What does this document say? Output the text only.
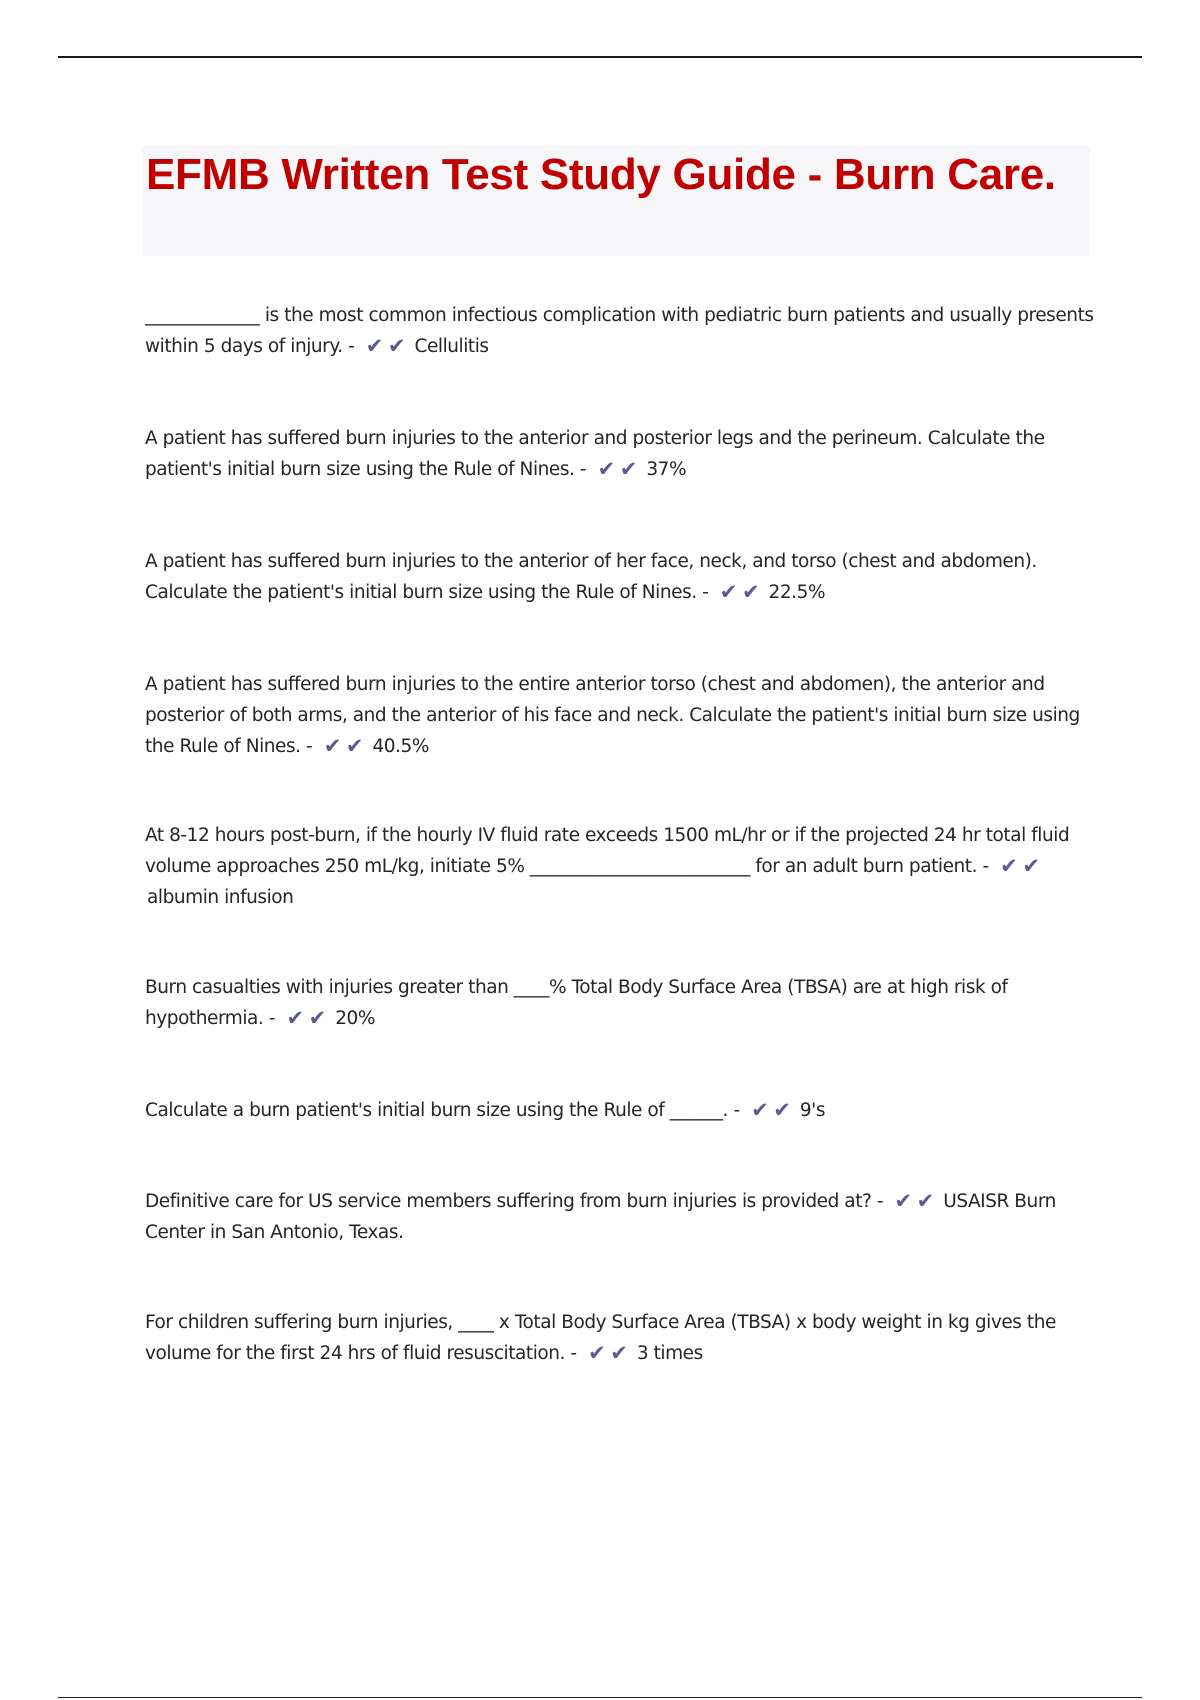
EFMB Written Test Study Guide - Burn Care.
_____________ is the most common infectious complication with pediatric burn patients and usually presents within 5 days of injury. - ✔ ✔ Cellulitis
A patient has suffered burn injuries to the anterior and posterior legs and the perineum. Calculate the patient's initial burn size using the Rule of Nines. - ✔ ✔ 37%
A patient has suffered burn injuries to the anterior of her face, neck, and torso (chest and abdomen). Calculate the patient's initial burn size using the Rule of Nines. - ✔ ✔ 22.5%
A patient has suffered burn injuries to the entire anterior torso (chest and abdomen), the anterior and posterior of both arms, and the anterior of his face and neck. Calculate the patient's initial burn size using the Rule of Nines. - ✔ ✔ 40.5%
At 8-12 hours post-burn, if the hourly IV fluid rate exceeds 1500 mL/hr or if the projected 24 hr total fluid volume approaches 250 mL/kg, initiate 5% _________________________ for an adult burn patient. - ✔ ✔ albumin infusion
Burn casualties with injuries greater than ____% Total Body Surface Area (TBSA) are at high risk of hypothermia. - ✔ ✔ 20%
Calculate a burn patient's initial burn size using the Rule of ______. - ✔ ✔ 9's
Definitive care for US service members suffering from burn injuries is provided at? - ✔ ✔ USAISR Burn Center in San Antonio, Texas.
For children suffering burn injuries, ____ x Total Body Surface Area (TBSA) x body weight in kg gives the volume for the first 24 hrs of fluid resuscitation. - ✔ ✔ 3 times
